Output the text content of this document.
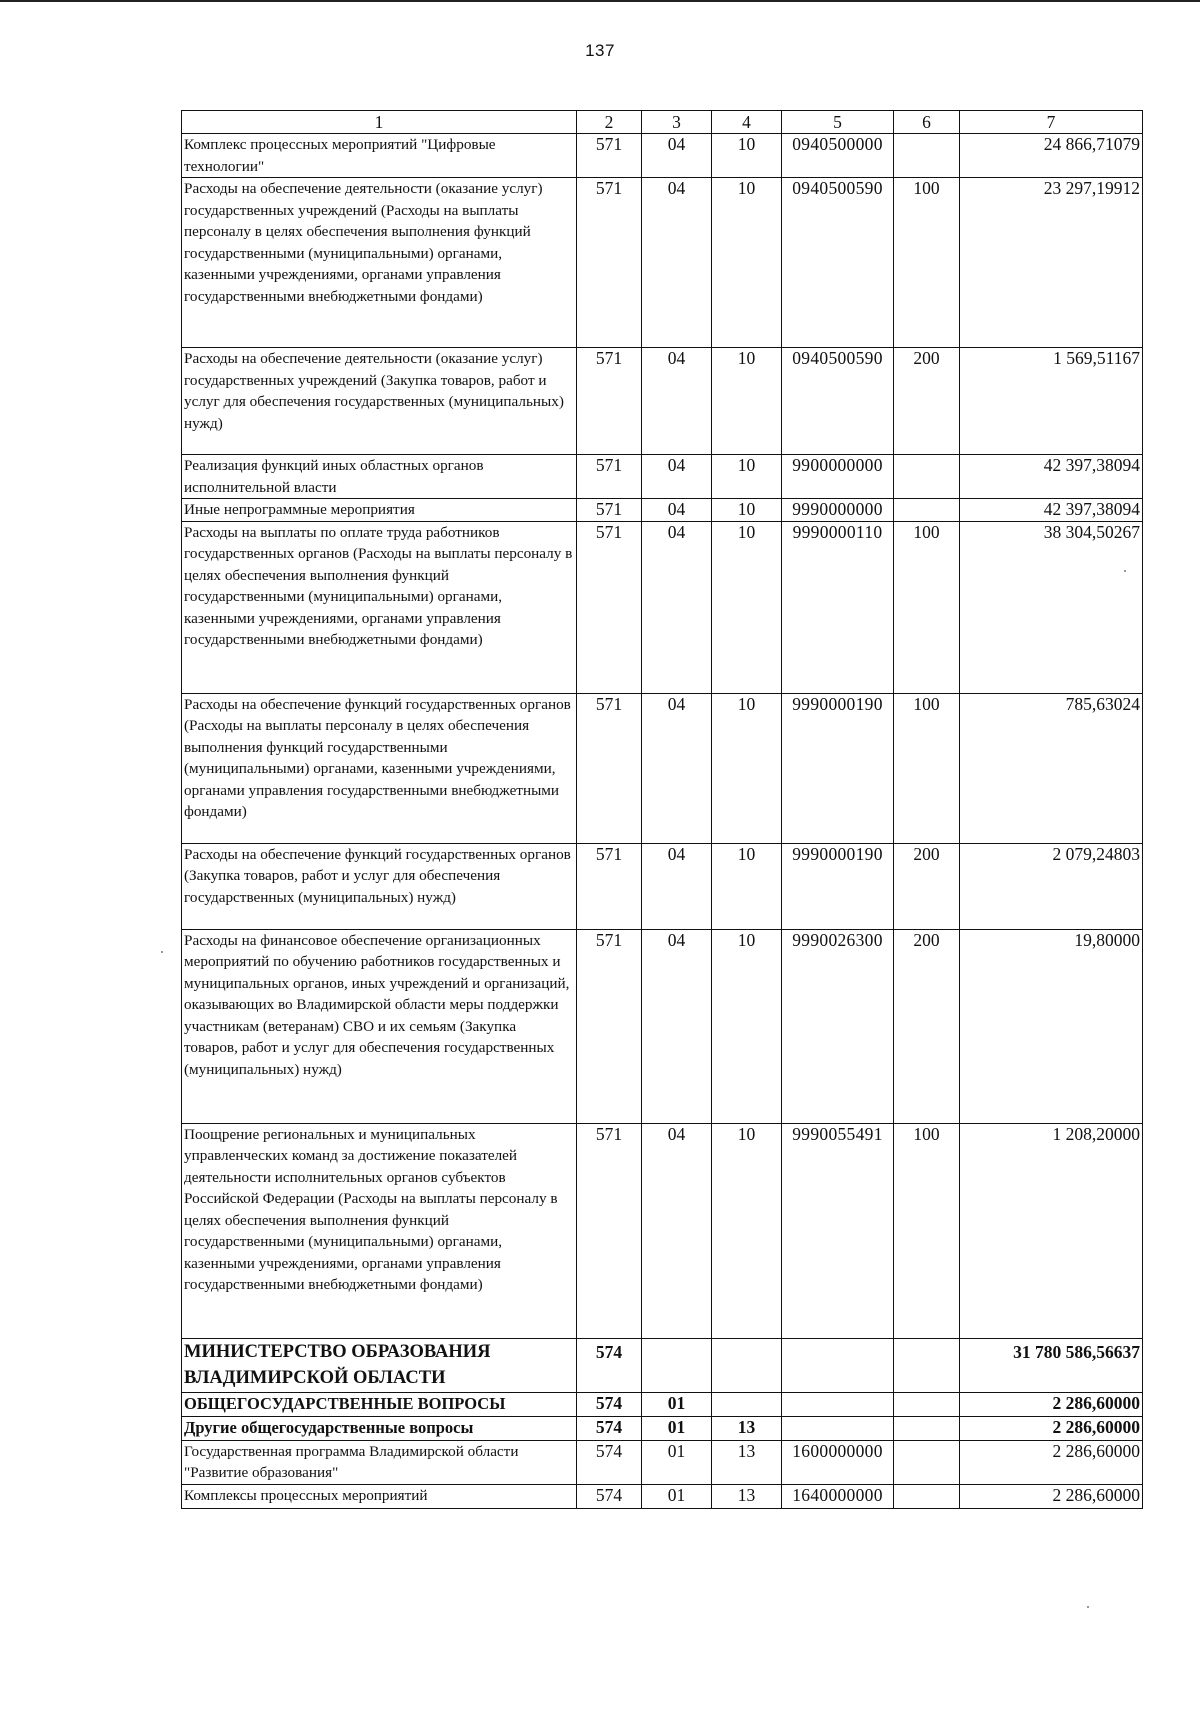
137
1	2	3	4	5	6	7
Комплекс процессных мероприятий "Цифровые технологии"	571	04	10	0940500000		24 866,71079
Расходы на обеспечение деятельности (оказание услуг) государственных учреждений (Расходы на выплаты персоналу в целях обеспечения выполнения функций государственными (муниципальными) органами, казенными учреждениями, органами управления государственными внебюджетными фондами)	571	04	10	0940500590	100	23 297,19912
Расходы на обеспечение деятельности (оказание услуг) государственных учреждений (Закупка товаров, работ и услуг для обеспечения государственных (муниципальных) нужд)	571	04	10	0940500590	200	1 569,51167
Реализация функций иных областных органов исполнительной власти	571	04	10	9900000000		42 397,38094
Иные непрограммные мероприятия	571	04	10	9990000000		42 397,38094
Расходы на выплаты по оплате труда работников государственных органов (Расходы на выплаты персоналу в целях обеспечения выполнения функций государственными (муниципальными) органами, казенными учреждениями, органами управления государственными внебюджетными фондами)	571	04	10	9990000110	100	38 304,50267
Расходы на обеспечение функций государственных органов (Расходы на выплаты персоналу в целях обеспечения выполнения функций государственными (муниципальными) органами, казенными учреждениями, органами управления государственными внебюджетными фондами)	571	04	10	9990000190	100	785,63024
Расходы на обеспечение функций государственных органов (Закупка товаров, работ и услуг для обеспечения государственных (муниципальных) нужд)	571	04	10	9990000190	200	2 079,24803
Расходы на финансовое обеспечение организационных мероприятий по обучению работников государственных и муниципальных органов, иных учреждений и организаций, оказывающих во Владимирской области меры поддержки участникам (ветеранам) СВО и их семьям (Закупка товаров, работ и услуг для обеспечения государственных (муниципальных) нужд)	571	04	10	9990026300	200	19,80000
Поощрение региональных и муниципальных управленческих команд за достижение показателей деятельности исполнительных органов субъектов Российской Федерации (Расходы на выплаты персоналу в целях обеспечения выполнения функций государственными (муниципальными) органами, казенными учреждениями, органами управления государственными внебюджетными фондами)	571	04	10	9990055491	100	1 208,20000
МИНИСТЕРСТВО ОБРАЗОВАНИЯ ВЛАДИМИРСКОЙ ОБЛАСТИ	574					31 780 586,56637
ОБЩЕГОСУДАРСТВЕННЫЕ ВОПРОСЫ	574	01				2 286,60000
Другие общегосударственные вопросы	574	01	13			2 286,60000
Государственная программа Владимирской области "Развитие образования"	574	01	13	1600000000		2 286,60000
Комплексы процессных мероприятий	574	01	13	1640000000		2 286,60000
